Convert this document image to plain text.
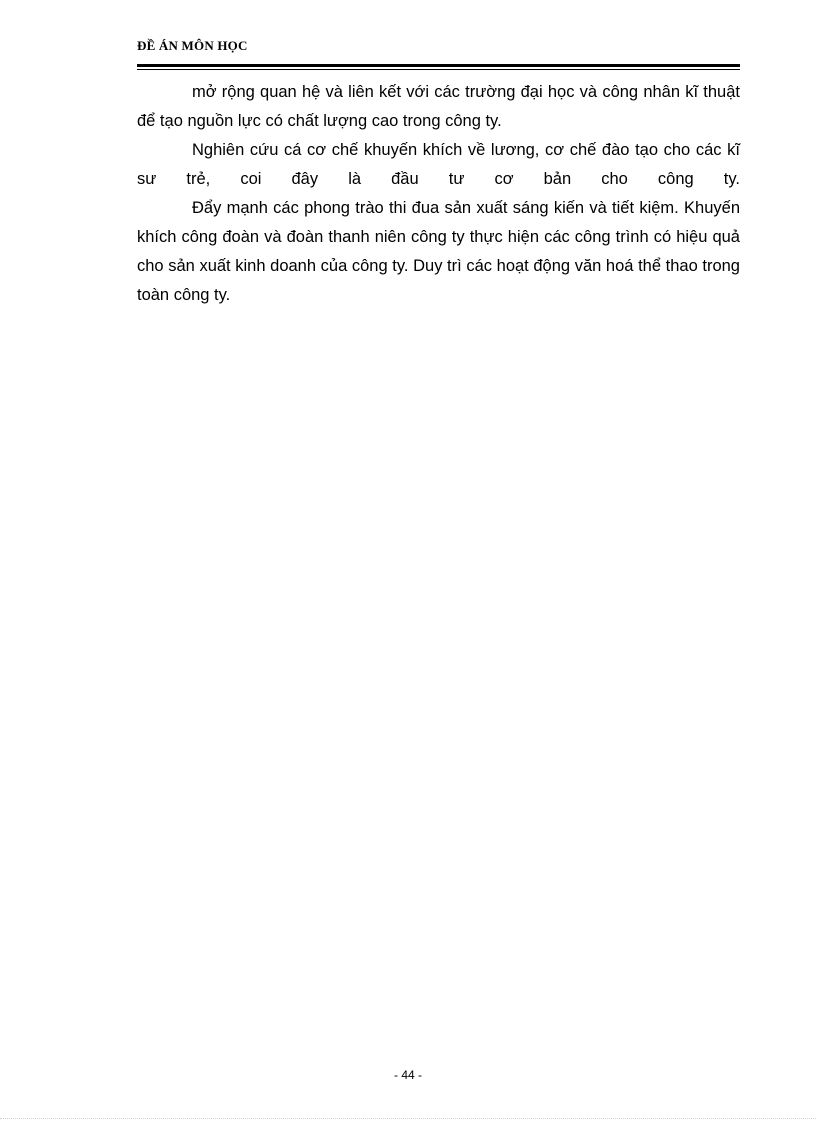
ĐỀ ÁN MÔN HỌC

mở rộng quan hệ và liên kết với các trường đại học và công nhân kĩ thuật để tạo nguồn lực có chất lượng cao trong công ty.

Nghiên cứu cá cơ chế khuyến khích về lương, cơ chế đào tạo cho các kĩ sư trẻ, coi đây là đầu tư cơ bản cho công ty.

Đẩy mạnh các phong trào thi đua sản xuất sáng kiến và tiết kiệm. Khuyến khích công đoàn và đoàn thanh niên công ty thực hiện các công trình có hiệu quả cho sản xuất kinh doanh của công ty. Duy trì các hoạt động văn hoá thể thao trong toàn công ty.

- 44 -
